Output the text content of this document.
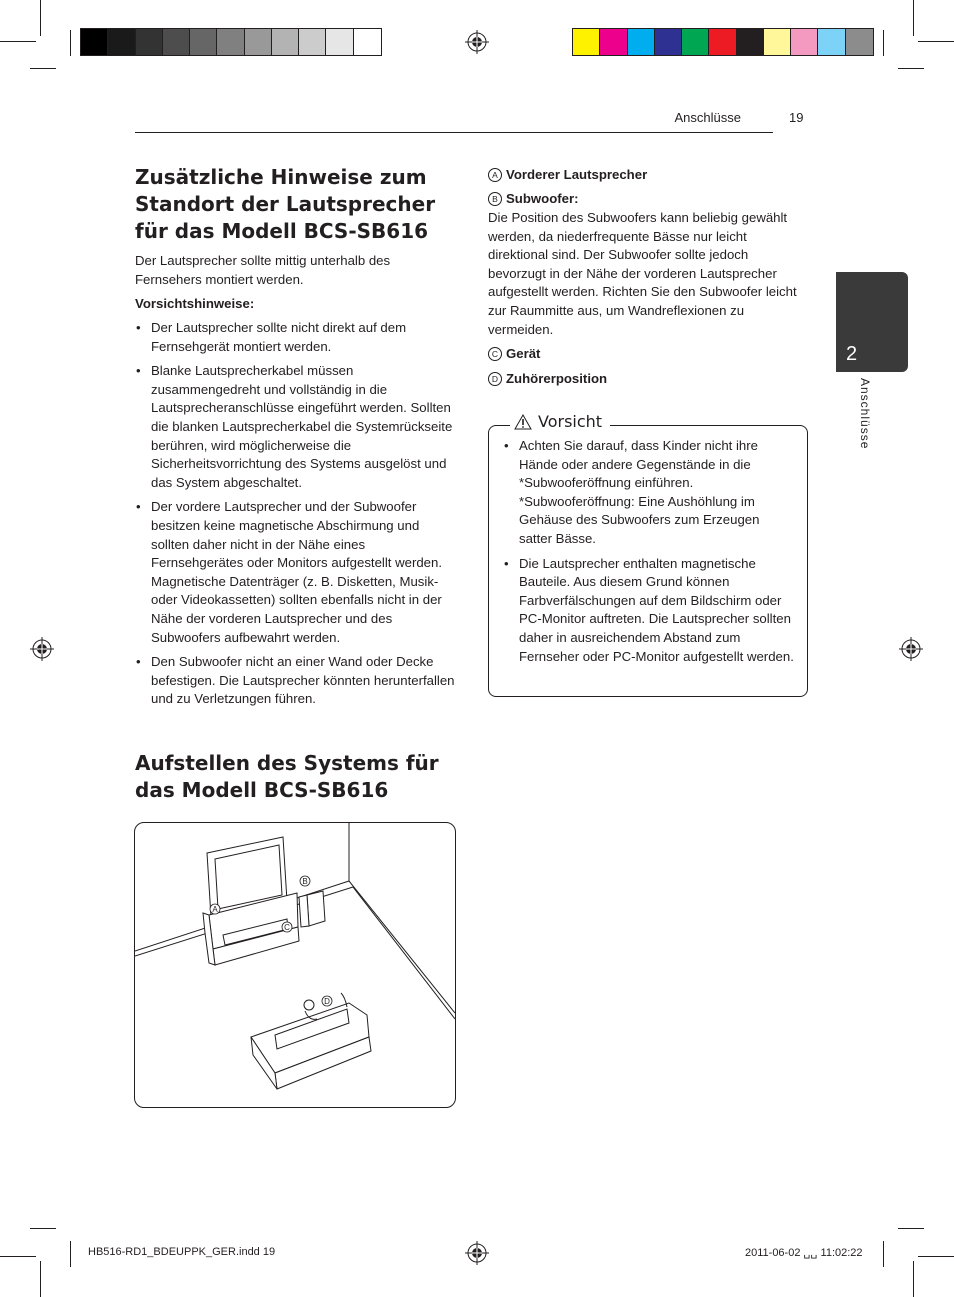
Anschlüsse	19
2
Anschlüsse
Zusätzliche Hinweise zum Standort der Lautsprecher für das Modell BCS-SB616
Der Lautsprecher sollte mittig unterhalb des Fernsehers montiert werden.
Vorsichtshinweise:
• Der Lautsprecher sollte nicht direkt auf dem Fernsehgerät montiert werden.
• Blanke Lautsprecherkabel müssen zusammengedreht und vollständig in die Lautsprecheranschlüsse eingeführt werden. Sollten die blanken Lautsprecherkabel die Systemrückseite berühren, wird möglicherweise die Sicherheitsvorrichtung des Systems ausgelöst und das System abgeschaltet.
• Der vordere Lautsprecher und der Subwoofer besitzen keine magnetische Abschirmung und sollten daher nicht in der Nähe eines Fernsehgerätes oder Monitors aufgestellt werden. Magnetische Datenträger (z. B. Disketten, Musik- oder Videokassetten) sollten ebenfalls nicht in der Nähe der vorderen Lautsprecher und des Subwoofers aufbewahrt werden.
• Den Subwoofer nicht an einer Wand oder Decke befestigen. Die Lautsprecher könnten herunterfallen und zu Verletzungen führen.
Aufstellen des Systems für das Modell BCS-SB616
A
B
C
D
A Vorderer Lautsprecher
B Subwoofer:
Die Position des Subwoofers kann beliebig gewählt werden, da niederfrequente Bässe nur leicht direktional sind. Der Subwoofer sollte jedoch bevorzugt in der Nähe der vorderen Lautsprecher aufgestellt werden. Richten Sie den Subwoofer leicht zur Raummitte aus, um Wandreflexionen zu vermeiden.
C Gerät
D Zuhörerposition
Vorsicht
• Achten Sie darauf, dass Kinder nicht ihre Hände oder andere Gegenstände in die *Subwooferöffnung einführen. *Subwooferöffnung: Eine Aushöhlung im Gehäuse des Subwoofers zum Erzeugen satter Bässe.
• Die Lautsprecher enthalten magnetische Bauteile. Aus diesem Grund können Farbverfälschungen auf dem Bildschirm oder PC-Monitor auftreten. Die Lautsprecher sollten daher in ausreichendem Abstand zum Fernseher oder PC-Monitor aufgestellt werden.
HB516-RD1_BDEUPPK_GER.indd 19	2011-06-02 ␣␣ 11:02:22
